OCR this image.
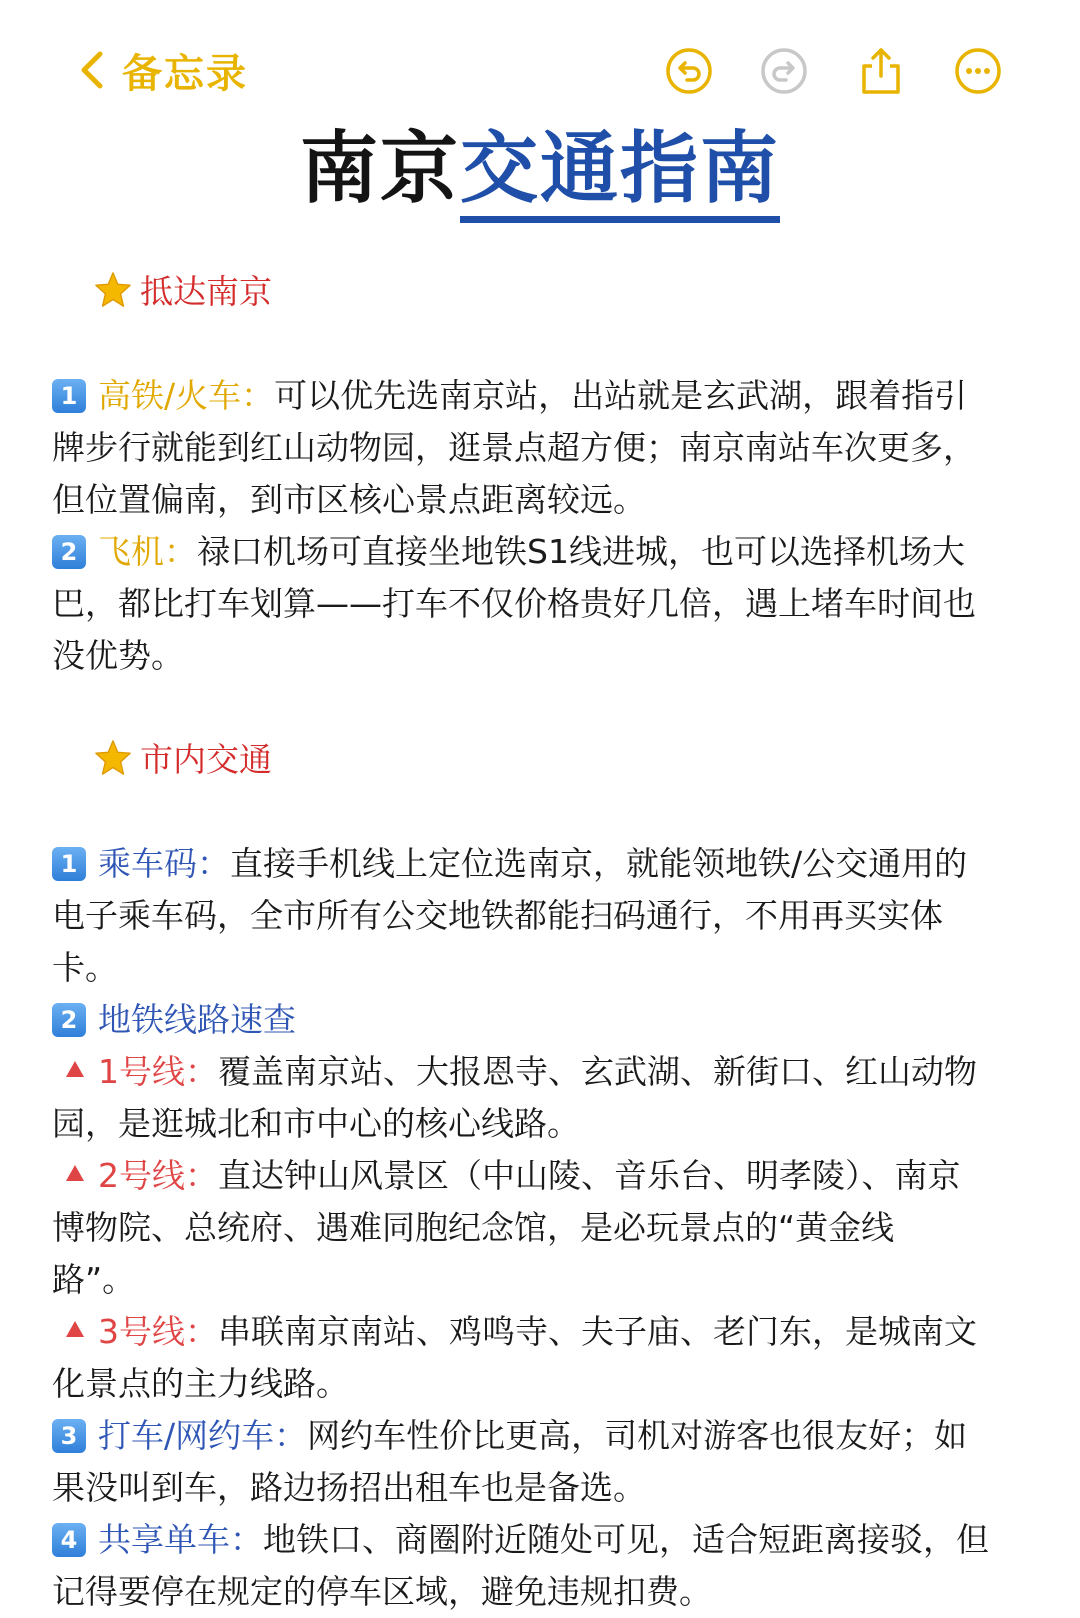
备忘录
南京交通指南

抵达南京

1 高铁/火车：可以优先选南京站，出站就是玄武湖，跟着指引
牌步行就能到红山动物园，逛景点超方便；南京南站车次更多，
但位置偏南，到市区核心景点距离较远。
2 飞机：禄口机场可直接坐地铁S1线进城，也可以选择机场大
巴，都比打车划算——打车不仅价格贵好几倍，遇上堵车时间也
没优势。

市内交通

1 乘车码：直接手机线上定位选南京，就能领地铁/公交通用的
电子乘车码，全市所有公交地铁都能扫码通行，不用再买实体
卡。
2 地铁线路速查
1号线：覆盖南京站、大报恩寺、玄武湖、新街口、红山动物
园，是逛城北和市中心的核心线路。
2号线：直达钟山风景区（中山陵、音乐台、明孝陵）、南京
博物院、总统府、遇难同胞纪念馆，是必玩景点的“黄金线
路”。
3号线：串联南京南站、鸡鸣寺、夫子庙、老门东，是城南文
化景点的主力线路。
3 打车/网约车：网约车性价比更高，司机对游客也很友好；如
果没叫到车，路边扬招出租车也是备选。
4 共享单车：地铁口、商圈附近随处可见，适合短距离接驳，但
记得要停在规定的停车区域，避免违规扣费。
